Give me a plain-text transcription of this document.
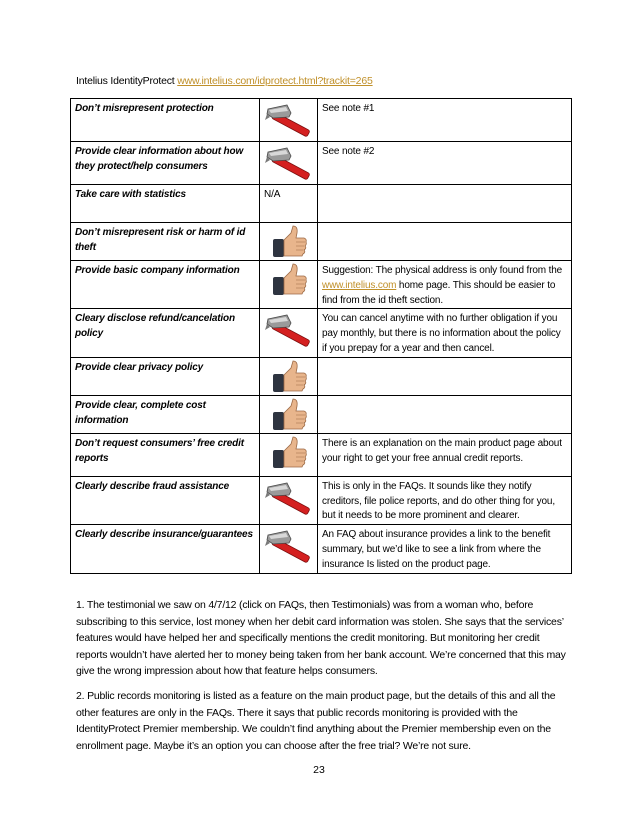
Intelius IdentityProtect www.intelius.com/idprotect.html?trackit=265
Don’t misrepresent protection		See note #1
Provide clear information about how they protect/help consumers		See note #2
Take care with statistics	N/A	

Don’t misrepresent risk or harm of id theft	

Provide basic company information		Suggestion: The physical address is only found from the www.intelius.com home page. This should be easier to find from the id theft section.
Cleary disclose refund/cancelation policy		You can cancel anytime with no further obligation if you pay monthly, but there is no information about the policy if you prepay for a year and then cancel.
Provide clear privacy policy	

Provide clear, complete cost information	

Don’t request consumers’ free credit reports		There is an explanation on the main product page about your right to get your free annual credit reports.
Clearly describe fraud assistance		This is only in the FAQs. It sounds like they notify creditors, file police reports, and do other thing for you, but it needs to be more prominent and clearer.
Clearly describe insurance/guarantees		An FAQ about insurance provides a link to the benefit summary, but we’d like to see a link from where the insurance Is listed on the product page.
1. The testimonial we saw on 4/7/12 (click on FAQs, then Testimonials) was from a woman who, before subscribing to this service, lost money when her debit card information was stolen. She says that the services’ features would have helped her and specifically mentions the credit monitoring. But monitoring her credit reports wouldn’t have alerted her to money being taken from her bank account. We’re concerned that this may give the wrong impression about how that feature helps consumers.
2. Public records monitoring is listed as a feature on the main product page, but the details of this and all the other features are only in the FAQs. There it says that public records monitoring is provided with the IdentityProtect Premier membership. We couldn’t find anything about the Premier membership even on the enrollment page. Maybe it’s an option you can choose after the free trial? We’re not sure.
23
